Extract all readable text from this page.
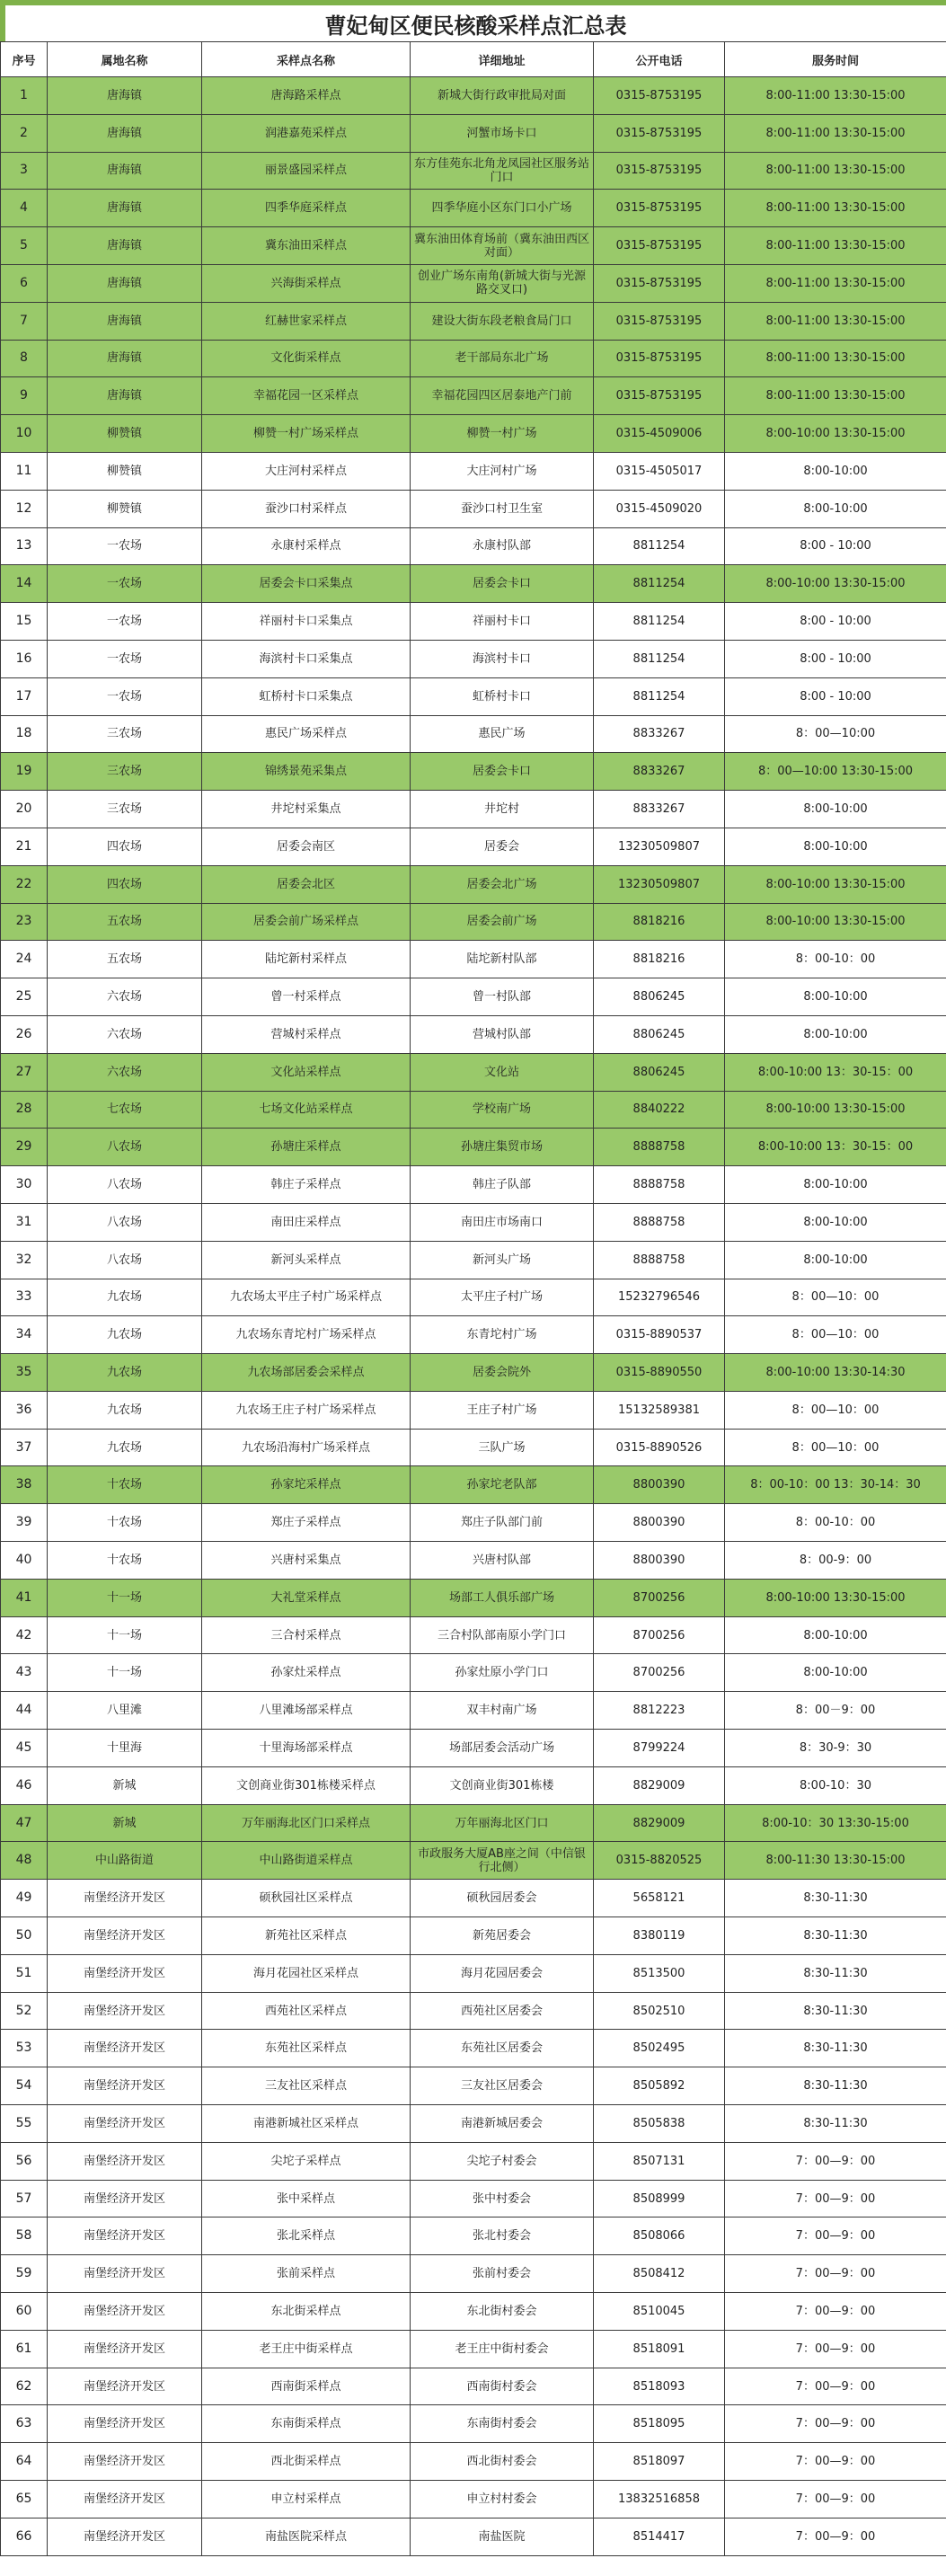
曹妃甸区便民核酸采样点汇总表
序号	属地名称	采样点名称	详细地址	公开电话	服务时间
1	唐海镇	唐海路采样点	新城大街行政审批局对面	0315-8753195	8:00-11:00 13:30-15:00
2	唐海镇	润港嘉苑采样点	河蟹市场卡口	0315-8753195	8:00-11:00 13:30-15:00
3	唐海镇	丽景盛园采样点	东方佳苑东北角龙凤园社区服务站门口	0315-8753195	8:00-11:00 13:30-15:00
4	唐海镇	四季华庭采样点	四季华庭小区东门口小广场	0315-8753195	8:00-11:00 13:30-15:00
5	唐海镇	冀东油田采样点	冀东油田体育场前（冀东油田西区对面）	0315-8753195	8:00-11:00 13:30-15:00
6	唐海镇	兴海街采样点	创业广场东南角(新城大街与光源路交叉口)	0315-8753195	8:00-11:00 13:30-15:00
7	唐海镇	红赫世家采样点	建设大街东段老粮食局门口	0315-8753195	8:00-11:00 13:30-15:00
8	唐海镇	文化街采样点	老干部局东北广场	0315-8753195	8:00-11:00 13:30-15:00
9	唐海镇	幸福花园一区采样点	幸福花园四区居泰地产门前	0315-8753195	8:00-11:00 13:30-15:00
10	柳赞镇	柳赞一村广场采样点	柳赞一村广场	0315-4509006	8:00-10:00 13:30-15:00
11	柳赞镇	大庄河村采样点	大庄河村广场	0315-4505017	8:00-10:00
12	柳赞镇	蚕沙口村采样点	蚕沙口村卫生室	0315-4509020	8:00-10:00
13	一农场	永康村采样点	永康村队部	8811254	8:00 - 10:00
14	一农场	居委会卡口采集点	居委会卡口	8811254	8:00-10:00 13:30-15:00
15	一农场	祥丽村卡口采集点	祥丽村卡口	8811254	8:00 - 10:00
16	一农场	海滨村卡口采集点	海滨村卡口	8811254	8:00 - 10:00
17	一农场	虹桥村卡口采集点	虹桥村卡口	8811254	8:00 - 10:00
18	三农场	惠民广场采样点	惠民广场	8833267	8：00—10:00
19	三农场	锦绣景苑采集点	居委会卡口	8833267	8：00—10:00 13:30-15:00
20	三农场	井坨村采集点	井坨村	8833267	8:00-10:00
21	四农场	居委会南区	居委会	13230509807	8:00-10:00
22	四农场	居委会北区	居委会北广场	13230509807	8:00-10:00 13:30-15:00
23	五农场	居委会前广场采样点	居委会前广场	8818216	8:00-10:00 13:30-15:00
24	五农场	陆坨新村采样点	陆坨新村队部	8818216	8：00-10：00
25	六农场	曾一村采样点	曾一村队部	8806245	8:00-10:00
26	六农场	营城村采样点	营城村队部	8806245	8:00-10:00
27	六农场	文化站采样点	文化站	8806245	8:00-10:00 13：30-15：00
28	七农场	七场文化站采样点	学校南广场	8840222	8:00-10:00 13:30-15:00
29	八农场	孙塘庄采样点	孙塘庄集贸市场	8888758	8:00-10:00 13：30-15：00
30	八农场	韩庄子采样点	韩庄子队部	8888758	8:00-10:00
31	八农场	南田庄采样点	南田庄市场南口	8888758	8:00-10:00
32	八农场	新河头采样点	新河头广场	8888758	8:00-10:00
33	九农场	九农场太平庄子村广场采样点	太平庄子村广场	15232796546	8：00—10：00
34	九农场	九农场东青坨村广场采样点	东青坨村广场	0315-8890537	8：00—10：00
35	九农场	九农场部居委会采样点	居委会院外	0315-8890550	8:00-10:00 13:30-14:30
36	九农场	九农场王庄子村广场采样点	王庄子村广场	15132589381	8：00—10：00
37	九农场	九农场沿海村广场采样点	三队广场	0315-8890526	8：00—10：00
38	十农场	孙家坨采样点	孙家坨老队部	8800390	8：00-10：00 13：30-14：30
39	十农场	郑庄子采样点	郑庄子队部门前	8800390	8：00-10：00
40	十农场	兴唐村采集点	兴唐村队部	8800390	8：00-9：00
41	十一场	大礼堂采样点	场部工人俱乐部广场	8700256	8:00-10:00 13:30-15:00
42	十一场	三合村采样点	三合村队部南原小学门口	8700256	8:00-10:00
43	十一场	孙家灶采样点	孙家灶原小学门口	8700256	8:00-10:00
44	八里滩	八里滩场部采样点	双丰村南广场	8812223	8：00－9：00
45	十里海	十里海场部采样点	场部居委会活动广场	8799224	8：30-9：30
46	新城	文创商业街301栋楼采样点	文创商业街301栋楼	8829009	8:00-10：30
47	新城	万年丽海北区门口采样点	万年丽海北区门口	8829009	8:00-10：30 13:30-15:00
48	中山路街道	中山路街道采样点	市政服务大厦AB座之间（中信银行北侧）	0315-8820525	8:00-11:30 13:30-15:00
49	南堡经济开发区	硕秋园社区采样点	硕秋园居委会	5658121	8:30-11:30
50	南堡经济开发区	新苑社区采样点	新苑居委会	8380119	8:30-11:30
51	南堡经济开发区	海月花园社区采样点	海月花园居委会	8513500	8:30-11:30
52	南堡经济开发区	西苑社区采样点	西苑社区居委会	8502510	8:30-11:30
53	南堡经济开发区	东苑社区采样点	东苑社区居委会	8502495	8:30-11:30
54	南堡经济开发区	三友社区采样点	三友社区居委会	8505892	8:30-11:30
55	南堡经济开发区	南港新城社区采样点	南港新城居委会	8505838	8:30-11:30
56	南堡经济开发区	尖坨子采样点	尖坨子村委会	8507131	7：00—9：00
57	南堡经济开发区	张中采样点	张中村委会	8508999	7：00—9：00
58	南堡经济开发区	张北采样点	张北村委会	8508066	7：00—9：00
59	南堡经济开发区	张前采样点	张前村委会	8508412	7：00—9：00
60	南堡经济开发区	东北街采样点	东北街村委会	8510045	7：00—9：00
61	南堡经济开发区	老王庄中街采样点	老王庄中街村委会	8518091	7：00—9：00
62	南堡经济开发区	西南街采样点	西南街村委会	8518093	7：00—9：00
63	南堡经济开发区	东南街采样点	东南街村委会	8518095	7：00—9：00
64	南堡经济开发区	西北街采样点	西北街村委会	8518097	7：00—9：00
65	南堡经济开发区	申立村采样点	申立村村委会	13832516858	7：00—9：00
66	南堡经济开发区	南盐医院采样点	南盐医院	8514417	7：00—9：00
